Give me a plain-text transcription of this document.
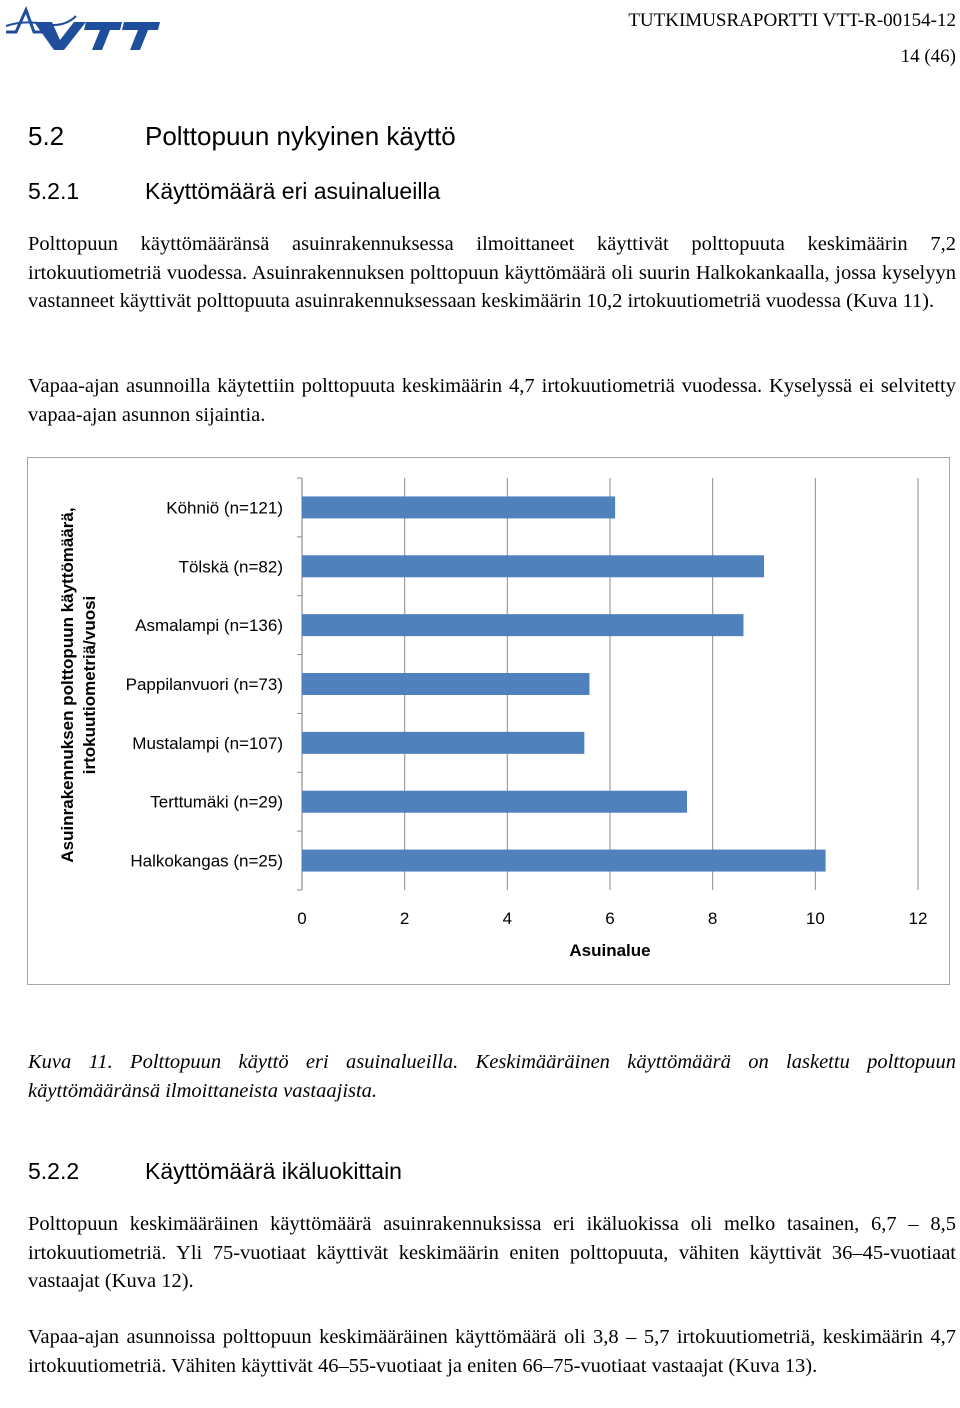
TUTKIMUSRAPORTTI VTT-R-00154-12
14 (46)
5.2	Polttopuun nykyinen käyttö
5.2.1	Käyttömäärä eri asuinalueilla

Polttopuun käyttömääränsä asuinrakennuksessa ilmoittaneet käyttivät polttopuuta keskimäärin 7,2 irtokuutiometriä vuodessa. Asuinrakennuksen polttopuun käyttömäärä oli suurin Halkokankaalla, jossa kyselyyn vastanneet käyttivät polttopuuta asuinrakennuksessaan keskimäärin 10,2 irtokuutiometriä vuodessa (Kuva 11).

Vapaa-ajan asunnoilla käytettiin polttopuuta keskimäärin 4,7 irtokuutiometriä vuodessa. Kyselyssä ei selvitetty vapaa-ajan asunnon sijaintia.

0	2	4	6	8	10	12
Köhniö (n=121)
Tölskä (n=82)
Asmalampi (n=136)
Pappilanvuori (n=73)
Mustalampi (n=107)
Terttumäki (n=29)
Halkokangas (n=25)
Asuinalue
Asuinrakennuksen polttopuun käyttömäärä, irtokuutiometriä/vuosi

Kuva 11. Polttopuun käyttö eri asuinalueilla. Keskimääräinen käyttömäärä on laskettu polttopuun käyttömääränsä ilmoittaneista vastaajista.

5.2.2	Käyttömäärä ikäluokittain

Polttopuun keskimääräinen käyttömäärä asuinrakennuksissa eri ikäluokissa oli melko tasainen, 6,7 – 8,5 irtokuutiometriä. Yli 75-vuotiaat käyttivät keskimäärin eniten polttopuuta, vähiten käyttivät 36–45-vuotiaat vastaajat (Kuva 12).

Vapaa-ajan asunnoissa polttopuun keskimääräinen käyttömäärä oli 3,8 – 5,7 irtokuutiometriä, keskimäärin 4,7 irtokuutiometriä. Vähiten käyttivät 46–55-vuotiaat ja eniten 66–75-vuotiaat vastaajat (Kuva 13).
